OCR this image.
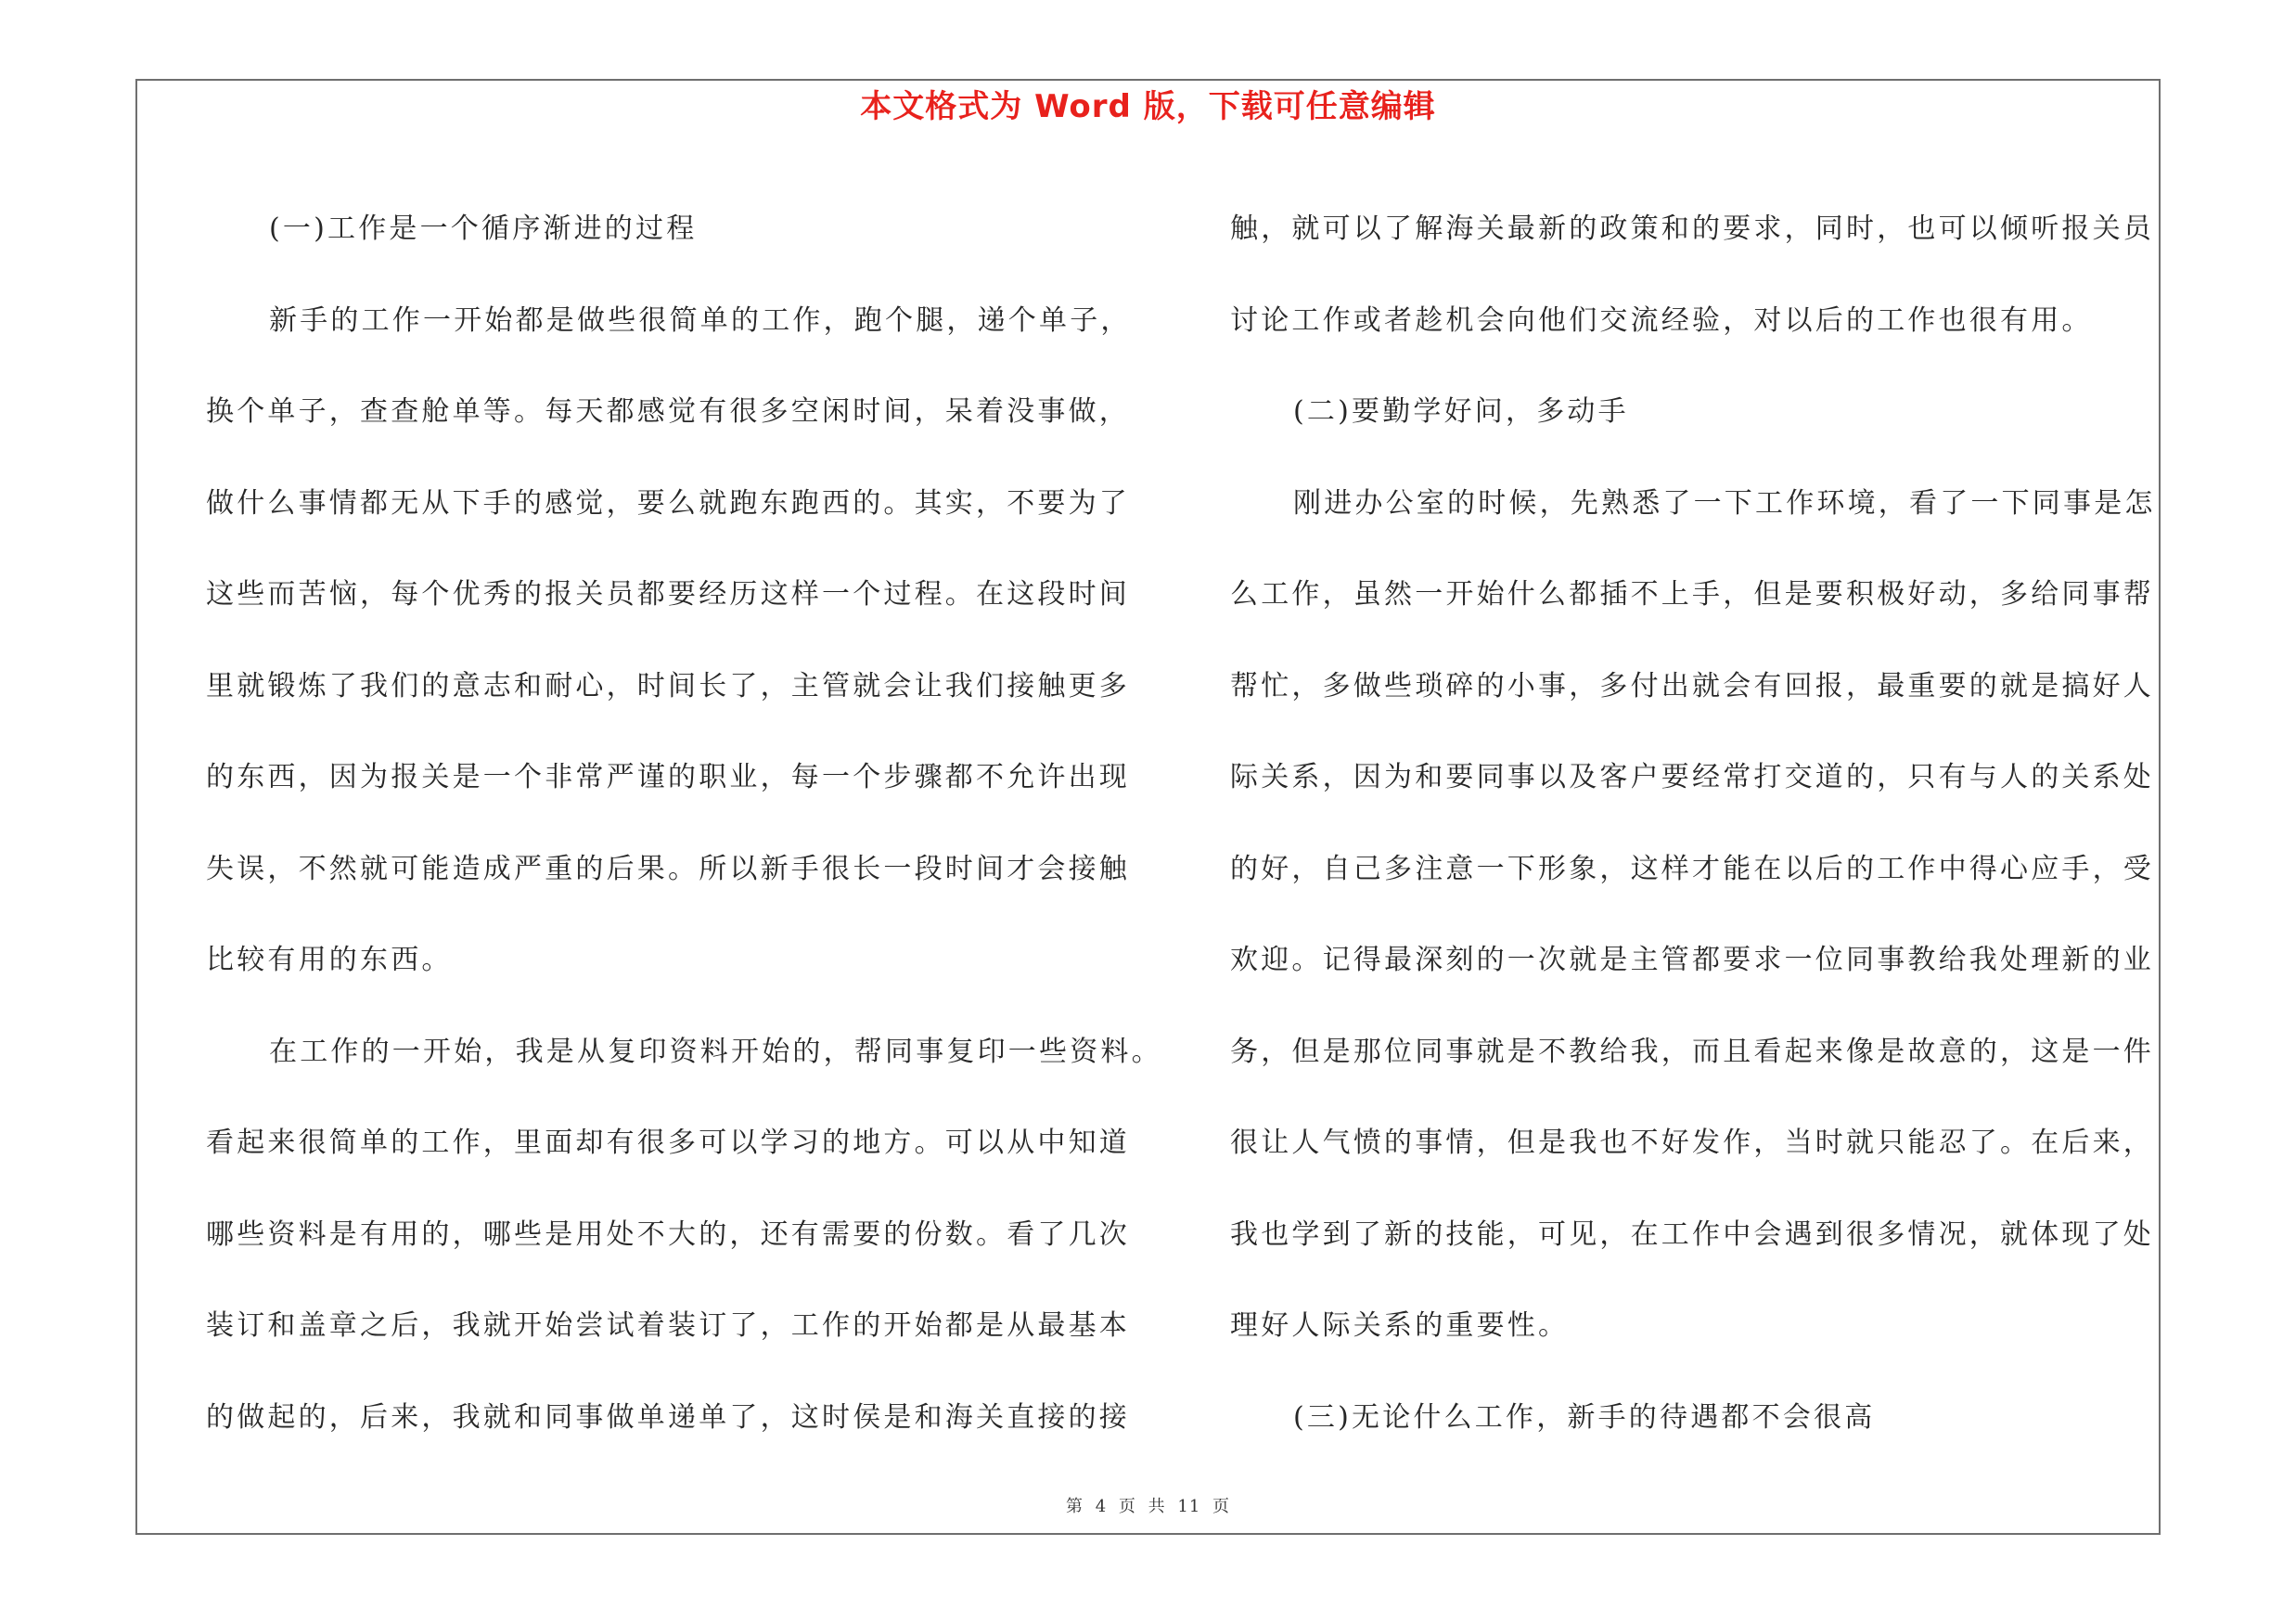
本文格式为 Word 版，下载可任意编辑
(一)工作是一个循序渐进的过程
新手的工作一开始都是做些很简单的工作，跑个腿，递个单子，
换个单子，查查舱单等。每天都感觉有很多空闲时间，呆着没事做，
做什么事情都无从下手的感觉，要么就跑东跑西的。其实，不要为了
这些而苦恼，每个优秀的报关员都要经历这样一个过程。在这段时间
里就锻炼了我们的意志和耐心，时间长了，主管就会让我们接触更多
的东西，因为报关是一个非常严谨的职业，每一个步骤都不允许出现
失误，不然就可能造成严重的后果。所以新手很长一段时间才会接触
比较有用的东西。
在工作的一开始，我是从复印资料开始的，帮同事复印一些资料。
看起来很简单的工作，里面却有很多可以学习的地方。可以从中知道
哪些资料是有用的，哪些是用处不大的，还有需要的份数。看了几次
装订和盖章之后，我就开始尝试着装订了，工作的开始都是从最基本
的做起的，后来，我就和同事做单递单了，这时侯是和海关直接的接
触，就可以了解海关最新的政策和的要求，同时，也可以倾听报关员
讨论工作或者趁机会向他们交流经验，对以后的工作也很有用。
(二)要勤学好问，多动手
刚进办公室的时候，先熟悉了一下工作环境，看了一下同事是怎
么工作，虽然一开始什么都插不上手，但是要积极好动，多给同事帮
帮忙，多做些琐碎的小事，多付出就会有回报，最重要的就是搞好人
际关系，因为和要同事以及客户要经常打交道的，只有与人的关系处
的好，自己多注意一下形象，这样才能在以后的工作中得心应手，受
欢迎。记得最深刻的一次就是主管都要求一位同事教给我处理新的业
务，但是那位同事就是不教给我，而且看起来像是故意的，这是一件
很让人气愤的事情，但是我也不好发作，当时就只能忍了。在后来，
我也学到了新的技能，可见，在工作中会遇到很多情况，就体现了处
理好人际关系的重要性。
(三)无论什么工作，新手的待遇都不会很高
第 4 页 共 11 页
